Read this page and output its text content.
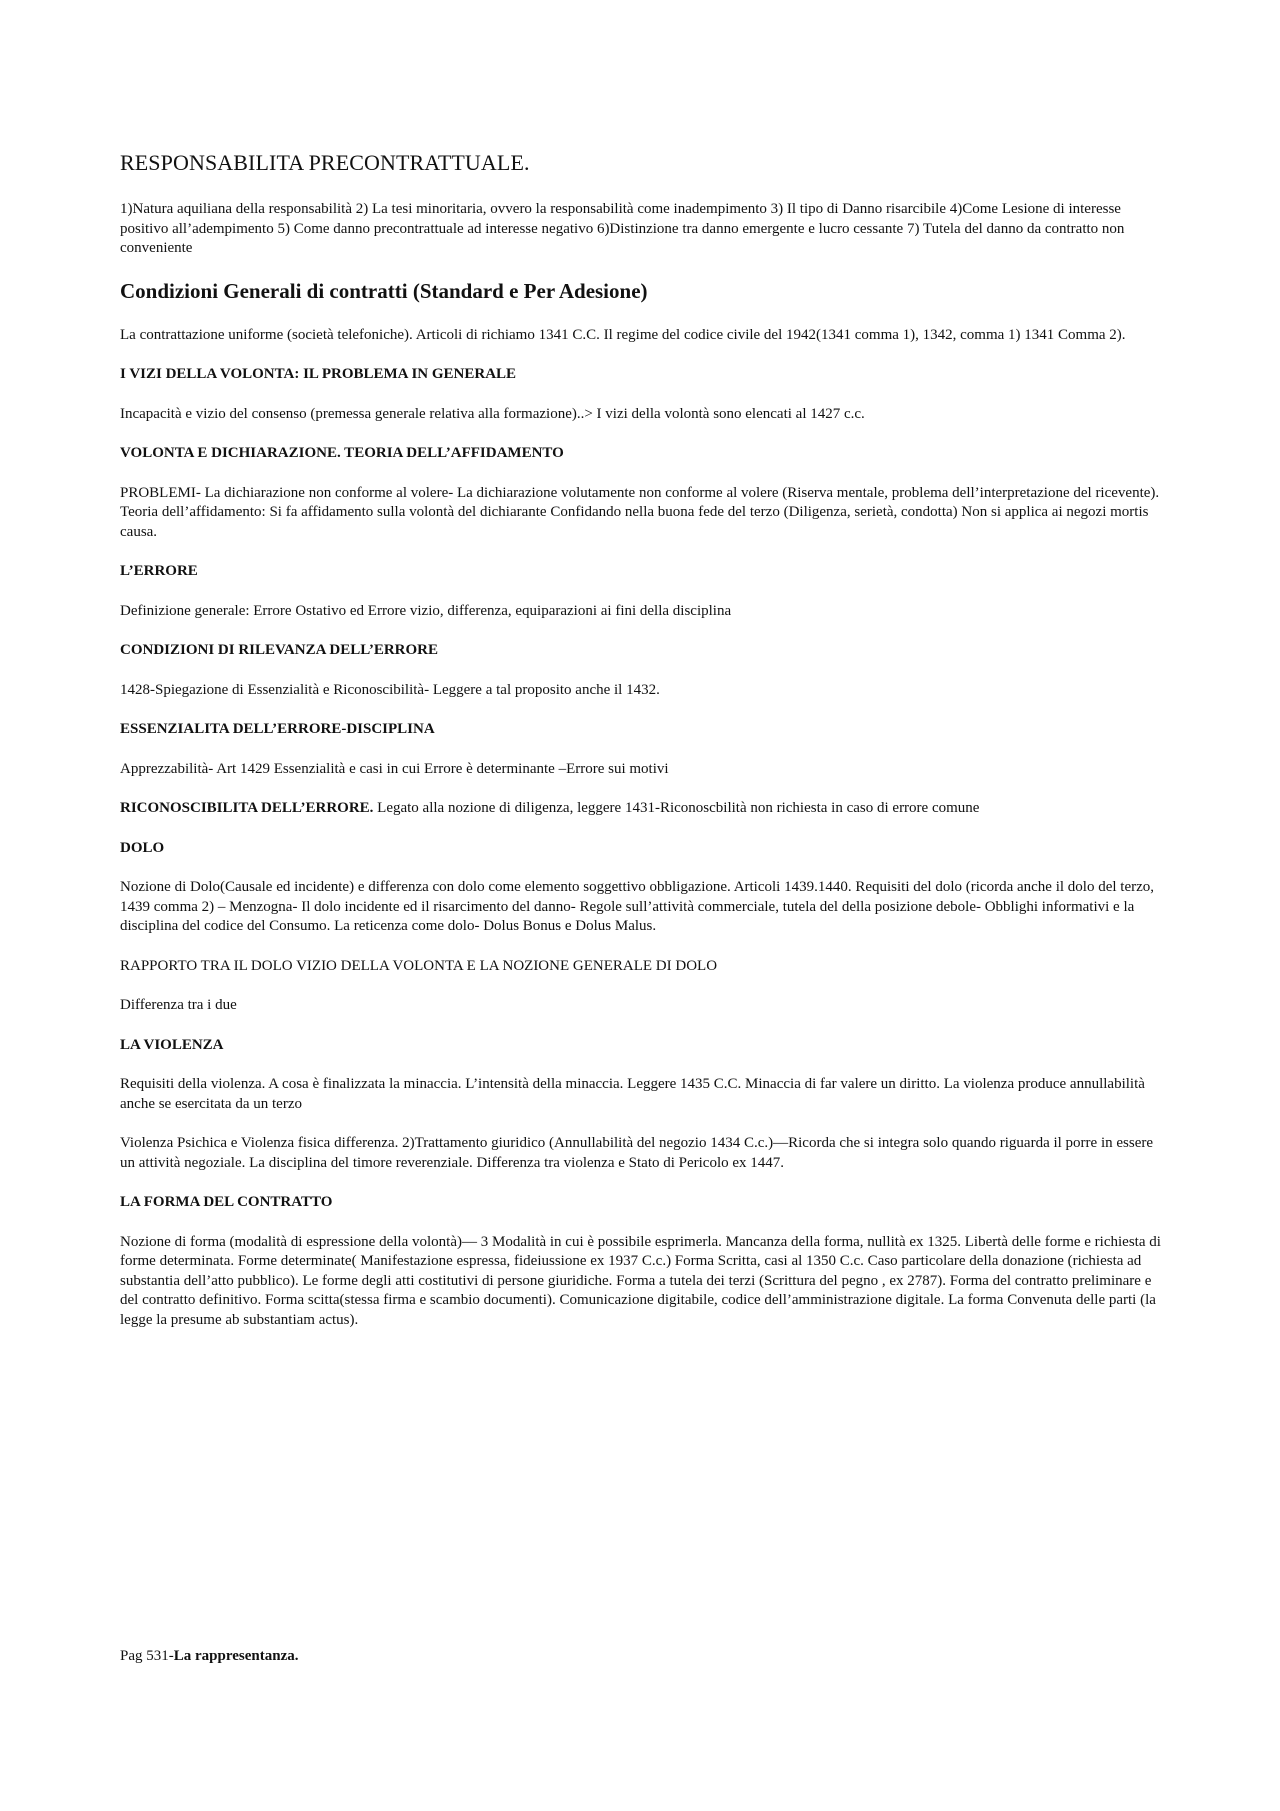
RESPONSABILITA PRECONTRATTUALE.

1)Natura aquiliana della responsabilità 2) La tesi minoritaria, ovvero la responsabilità come inadempimento 3) Il tipo di Danno risarcibile 4)Come Lesione di interesse positivo all’adempimento 5) Come danno precontrattuale ad interesse negativo 6)Distinzione tra danno emergente e lucro cessante 7) Tutela del danno da contratto non conveniente

Condizioni Generali di contratti (Standard e Per Adesione)

La contrattazione uniforme (società telefoniche). Articoli di richiamo 1341 C.C. Il regime del codice civile del 1942(1341 comma 1), 1342, comma 1) 1341 Comma 2).

I VIZI DELLA VOLONTA: IL PROBLEMA IN GENERALE

Incapacità e vizio del consenso (premessa generale relativa alla formazione)..> I vizi della volontà sono elencati al 1427 c.c.

VOLONTA E DICHIARAZIONE. TEORIA DELL’AFFIDAMENTO

PROBLEMI- La dichiarazione non conforme al volere- La dichiarazione volutamente non conforme al volere (Riserva mentale, problema dell’interpretazione del ricevente). Teoria dell’affidamento: Si fa affidamento sulla volontà del dichiarante Confidando nella buona fede del terzo (Diligenza, serietà, condotta) Non si applica ai negozi mortis causa.

L’ERRORE

Definizione generale: Errore Ostativo ed Errore vizio, differenza, equiparazioni ai fini della disciplina

CONDIZIONI DI RILEVANZA DELL’ERRORE

1428-Spiegazione di Essenzialità e Riconoscibilità- Leggere a tal proposito anche il 1432.

ESSENZIALITA DELL’ERRORE-DISCIPLINA

Apprezzabilità- Art 1429 Essenzialità e casi in cui Errore è determinante –Errore sui motivi

RICONOSCIBILITA DELL’ERRORE. Legato alla nozione di diligenza, leggere 1431-Riconoscbilità non richiesta in caso di errore comune

DOLO

Nozione di Dolo(Causale ed incidente) e differenza con dolo come elemento soggettivo obbligazione. Articoli 1439.1440. Requisiti del dolo (ricorda anche il dolo del terzo, 1439 comma 2) – Menzogna- Il dolo incidente ed il risarcimento del danno- Regole sull’attività commerciale, tutela del della posizione debole- Obblighi informativi e la disciplina del codice del Consumo. La reticenza come dolo- Dolus Bonus e Dolus Malus.

RAPPORTO TRA IL DOLO VIZIO DELLA VOLONTA E LA NOZIONE GENERALE DI DOLO

Differenza tra i due

LA VIOLENZA

Requisiti della violenza. A cosa è finalizzata la minaccia. L’intensità della minaccia. Leggere 1435 C.C. Minaccia di far valere un diritto. La violenza produce annullabilità anche se esercitata da un terzo

Violenza Psichica e Violenza fisica differenza. 2)Trattamento giuridico (Annullabilità del negozio 1434 C.c.)—Ricorda che si integra solo quando riguarda il porre in essere un attività negoziale. La disciplina del timore reverenziale. Differenza tra violenza e Stato di Pericolo ex 1447.

LA FORMA DEL CONTRATTO

Nozione di forma (modalità di espressione della volontà)— 3 Modalità in cui è possibile esprimerla. Mancanza della forma, nullità ex 1325. Libertà delle forme e richiesta di forme determinata. Forme determinate( Manifestazione espressa, fideiussione ex 1937 C.c.) Forma Scritta, casi al 1350 C.c. Caso particolare della donazione (richiesta ad substantia dell’atto pubblico). Le forme degli atti costitutivi di persone giuridiche. Forma a tutela dei terzi (Scrittura del pegno , ex 2787). Forma del contratto preliminare e del contratto definitivo. Forma scitta(stessa firma e scambio documenti). Comunicazione digitabile, codice dell’amministrazione digitale. La forma Convenuta delle parti (la legge la presume ab substantiam actus).

Pag 531-La rappresentanza.
